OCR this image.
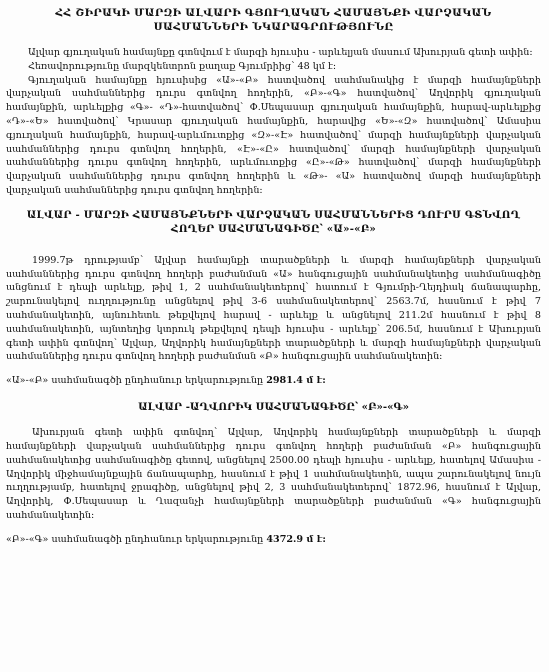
ՀՀ ՇԻՐԱԿԻ ՄԱՐԶԻ ԱԼՎԱՐԻ ԳՅՈՒՂԱԿԱՆ ՀԱՄԱՅՆՔԻ ՎԱՐՉԱԿԱՆ

ՍԱՀՄԱՆՆԵՐԻ ՆԿԱՐԱԳՐՈՒԹՅՈՒՆԸ

Ալվար գյուղական համայնքը գտնվում է մարզի հյուսիս - արևելյան մասում Ախուրյան գետի ափին:

Հեռավորությունը մարզկենտրոն քաղաք Գյումրիից՝ 48 կմ է:

Գյուղական համայնքը հյուսիսից «Ա»-«Բ» հատվածով սահմանակից է մարզի համայնքների վարչական սահմաններից դուրս գտնվող հողերին, «Բ»-«Գ» հատվածով՝ Աղվորիկ գյուղական համայնքին, արևելքից «Գ»- «Դ»-հատվածով՝ Փ.Սեպասար գյուղական համայնքին, հարավ-արևելքից «Դ»-«Ե» հատվածով՝ Կրասար գյուղական համայնքին, հարավից «Ե»-«Զ» հատվածով՝ Ամասիա գյուղական համայնքին, հարավ-արևմուտքից «Զ»-«Է» հատվածով՝ մարզի համայնքների վարչական սահմաններից դուրս գտնվող հողերին, «Է»-«Ը» հատվածով՝ մարզի համայնքների վարչական սահմաններից դուրս գտնվող հողերին, արևմուտքից «Ը»-«Թ» հատվածով՝ մարզի համայնքների վարչական սահմաններից դուրս գտնվող հողերին և «Թ»- «Ա» հատվածով մարզի համայնքների վարչական սահմաններից դուրս գտնվող հողերին:

ԱԼՎԱՐ - ՄԱՐԶԻ ՀԱՄԱՅՆՔՆԵՐԻ ՎԱՐՉԱԿԱՆ ՍԱՀՄԱՆՆԵՐԻՑ ԴՈՒՐՍ ԳՏՆՎՈՂ

ՀՈՂԵՐ ՍԱՀՄԱՆԱԳԻԾԸ՝ «Ա»-«Բ»

1999.7թ դրությամբ՝ Ալվար համայնքի տարածքների և մարզի համայնքների վարչական սահմաններից դուրս գտնվող հողերի բաժանման «Ա» հանգուցային սահմանակետից սահմանագիծը անցնում է դեպի արևելք, թիվ 1, 2 սահմանակետերով՝ հատում է Գյումրի-Ղեյդիակ ճանապարհը, շարունակելով ուղղությունը անցնելով թիվ 3-6 սահմանակետերով՝ 2563.7մ, հասնում է թիվ 7 սահմանակետին, այնուհետև թեքվելով հարավ - արևելք և անցնելով 211.2մ հասնում է թիվ 8 սահմանակետին, այնտեղից կտրուկ թեքվելով դեպի հյուսիս - արևելք՝ 206.5մ, հասնում է Ախուրյան գետի ափին գտնվող՝ Ալվար, Աղվորիկ համայնքների տարածքների և մարզի համայնքների վարչական սահմաններից դուրս գտնվող հողերի բաժանման «Բ» հանգուցային սահմանակետին:

«Ա»-«Բ» սահմանագծի ընդհանուր երկարությունը 2981.4 մ է:

ԱԼՎԱՐ -ԱՂՎՈՐԻԿ ՍԱՀՄԱՆԱԳԻԾԸ՝ «Բ»-«Գ»

Ախուրյան գետի ափին գտնվող՝ Ալվար, Աղվորիկ համայնքների տարածքների և մարզի համայնքների վարչական սահմաններից դուրս գտնվող հողերի բաժանման «Բ» հանգուցային սահմանակետից սահմանագիծը գետով, անցնելով 2500.00 դեպի հյուսիս - արևելք, հատելով Ամասիա - Աղվորիկ միջհամայնքային ճանապարհը, հասնում է թիվ 1 սահմանակետին, ապա շարունակելով նույն ուղղությամբ, հատելով ջրագիծը, անցնելով թիվ 2, 3 սահմանակետերով՝ 1872.96, հասնում է Ալվար, Աղվորիկ, Փ.Սեպասար և Ղազանչի համայնքների տարածքների բաժանման «Գ» հանգուցային սահմանակետին:

«Բ»-«Գ» սահմանագծի ընդհանուր երկարությունը 4372.9 մ է:
